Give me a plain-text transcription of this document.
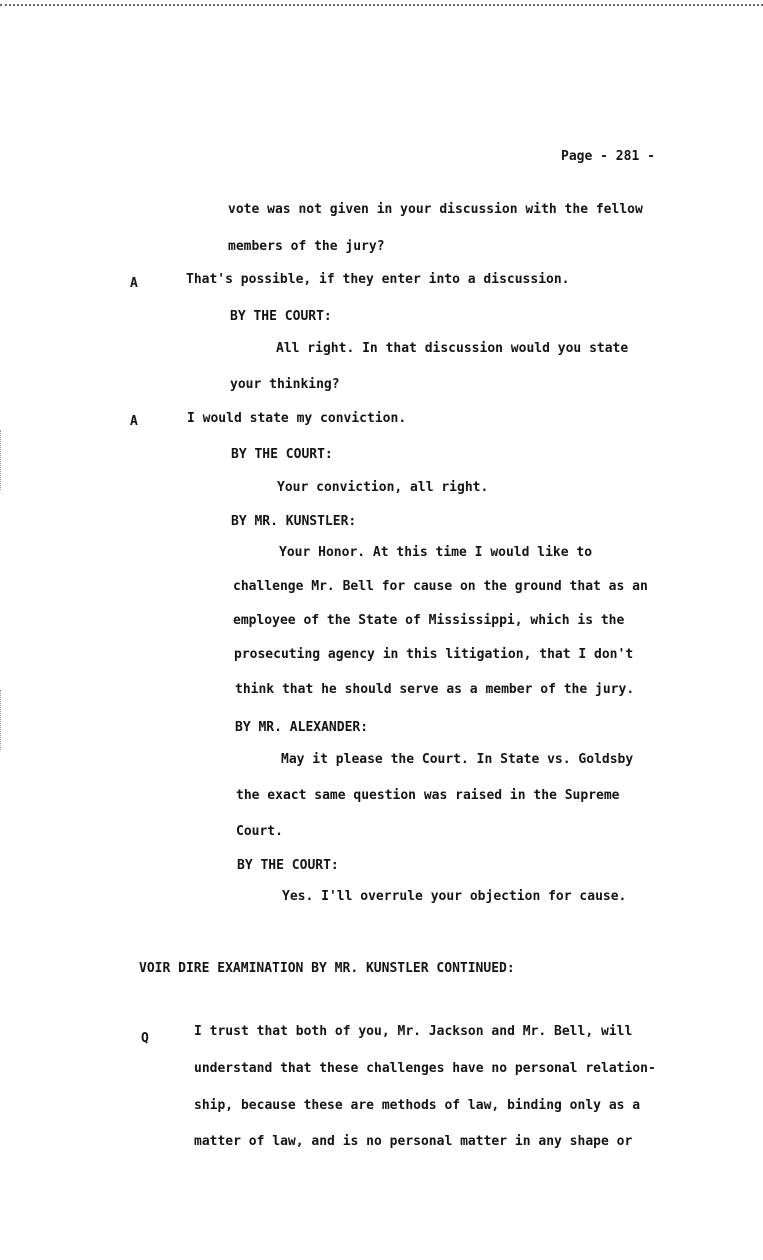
Page - 281 -
vote was not given in your discussion with the fellow
members of the jury?
A	That's possible, if they enter into a discussion.
BY THE COURT:
All right. In that discussion would you state
your thinking?
A	I would state my conviction.
BY THE COURT:
Your conviction, all right.
BY MR. KUNSTLER:
Your Honor. At this time I would like to
challenge Mr. Bell for cause on the ground that as an
employee of the State of Mississippi, which is the
prosecuting agency in this litigation, that I don't
think that he should serve as a member of the jury.
BY MR. ALEXANDER:
May it please the Court. In State vs. Goldsby
the exact same question was raised in the Supreme
Court.
BY THE COURT:
Yes. I'll overrule your objection for cause.
VOIR DIRE EXAMINATION BY MR. KUNSTLER CONTINUED:
Q	I trust that both of you, Mr. Jackson and Mr. Bell, will
understand that these challenges have no personal relation-
ship, because these are methods of law, binding only as a
matter of law, and is no personal matter in any shape or
